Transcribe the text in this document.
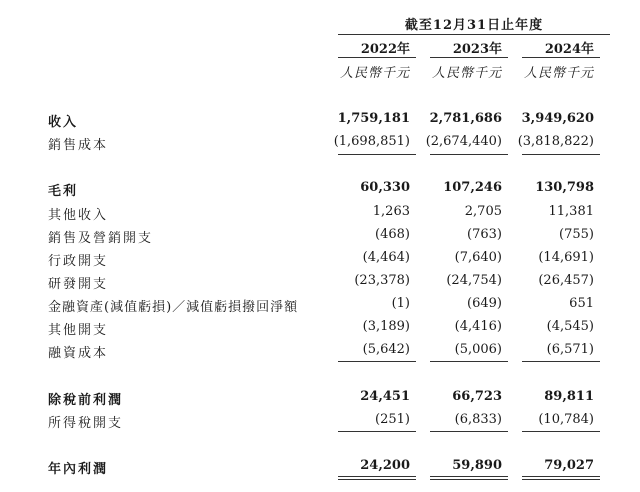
截至12月31日止年度
2022年	2023年	2024年
人民幣千元	人民幣千元	人民幣千元
收入	1,759,181	2,781,686	3,949,620
銷售成本	(1,698,851)	(2,674,440)	(3,818,822)
毛利	60,330	107,246	130,798
其他收入	1,263	2,705	11,381
銷售及營銷開支	(468)	(763)	(755)
行政開支	(4,464)	(7,640)	(14,691)
研發開支	(23,378)	(24,754)	(26,457)
金融資產(減值虧損)／減值虧損撥回淨額	(1)	(649)	651
其他開支	(3,189)	(4,416)	(4,545)
融資成本	(5,642)	(5,006)	(6,571)
除稅前利潤	24,451	66,723	89,811
所得稅開支	(251)	(6,833)	(10,784)
年內利潤	24,200	59,890	79,027
